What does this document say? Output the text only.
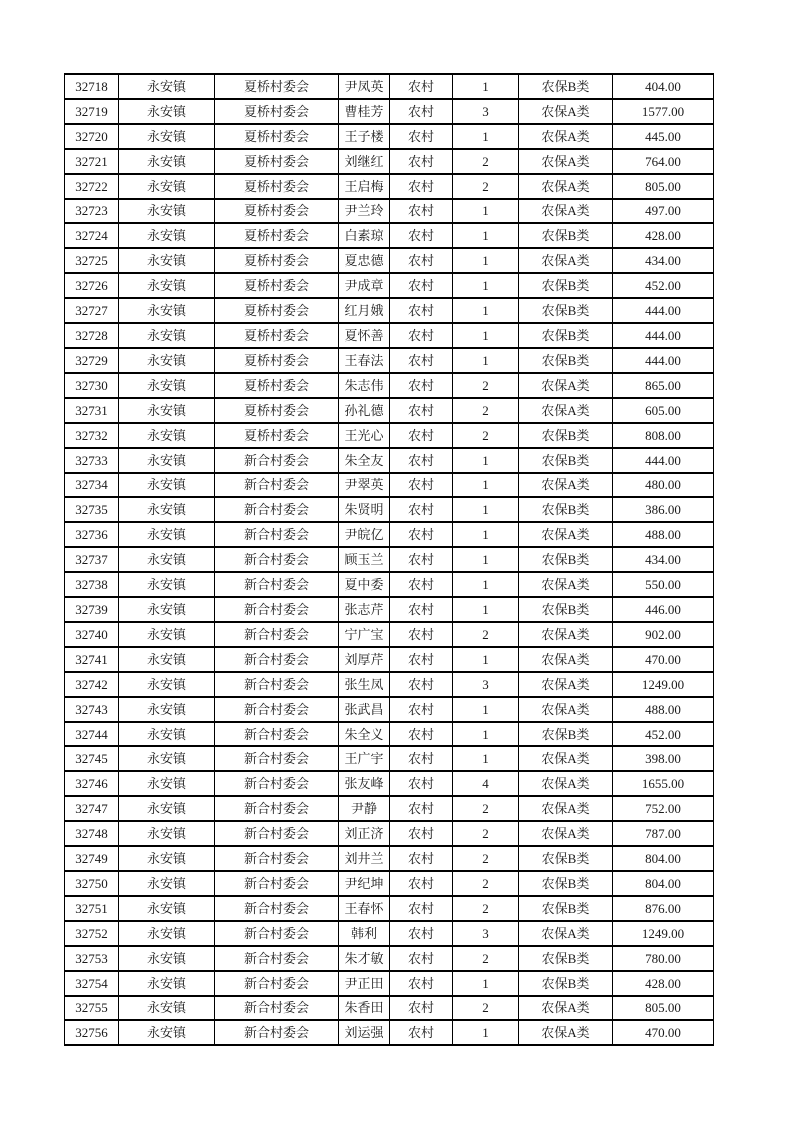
32718	永安镇	夏桥村委会	尹凤英	农村	1	农保B类	404.00
32719	永安镇	夏桥村委会	曹桂芳	农村	3	农保A类	1577.00
32720	永安镇	夏桥村委会	王子楼	农村	1	农保A类	445.00
32721	永安镇	夏桥村委会	刘继红	农村	2	农保A类	764.00
32722	永安镇	夏桥村委会	王启梅	农村	2	农保A类	805.00
32723	永安镇	夏桥村委会	尹兰玲	农村	1	农保A类	497.00
32724	永安镇	夏桥村委会	白素琼	农村	1	农保B类	428.00
32725	永安镇	夏桥村委会	夏忠德	农村	1	农保A类	434.00
32726	永安镇	夏桥村委会	尹成章	农村	1	农保B类	452.00
32727	永安镇	夏桥村委会	红月娥	农村	1	农保B类	444.00
32728	永安镇	夏桥村委会	夏怀善	农村	1	农保B类	444.00
32729	永安镇	夏桥村委会	王春法	农村	1	农保B类	444.00
32730	永安镇	夏桥村委会	朱志伟	农村	2	农保A类	865.00
32731	永安镇	夏桥村委会	孙礼德	农村	2	农保A类	605.00
32732	永安镇	夏桥村委会	王光心	农村	2	农保B类	808.00
32733	永安镇	新合村委会	朱全友	农村	1	农保B类	444.00
32734	永安镇	新合村委会	尹翠英	农村	1	农保A类	480.00
32735	永安镇	新合村委会	朱贤明	农村	1	农保B类	386.00
32736	永安镇	新合村委会	尹皖亿	农村	1	农保A类	488.00
32737	永安镇	新合村委会	顾玉兰	农村	1	农保B类	434.00
32738	永安镇	新合村委会	夏中委	农村	1	农保A类	550.00
32739	永安镇	新合村委会	张志芹	农村	1	农保B类	446.00
32740	永安镇	新合村委会	宁广宝	农村	2	农保A类	902.00
32741	永安镇	新合村委会	刘厚芹	农村	1	农保A类	470.00
32742	永安镇	新合村委会	张生凤	农村	3	农保A类	1249.00
32743	永安镇	新合村委会	张武昌	农村	1	农保A类	488.00
32744	永安镇	新合村委会	朱全义	农村	1	农保B类	452.00
32745	永安镇	新合村委会	王广宇	农村	1	农保A类	398.00
32746	永安镇	新合村委会	张友峰	农村	4	农保A类	1655.00
32747	永安镇	新合村委会	尹静	农村	2	农保A类	752.00
32748	永安镇	新合村委会	刘正济	农村	2	农保A类	787.00
32749	永安镇	新合村委会	刘井兰	农村	2	农保B类	804.00
32750	永安镇	新合村委会	尹纪坤	农村	2	农保B类	804.00
32751	永安镇	新合村委会	王春怀	农村	2	农保B类	876.00
32752	永安镇	新合村委会	韩利	农村	3	农保A类	1249.00
32753	永安镇	新合村委会	朱才敏	农村	2	农保B类	780.00
32754	永安镇	新合村委会	尹正田	农村	1	农保B类	428.00
32755	永安镇	新合村委会	朱香田	农村	2	农保A类	805.00
32756	永安镇	新合村委会	刘运强	农村	1	农保A类	470.00
